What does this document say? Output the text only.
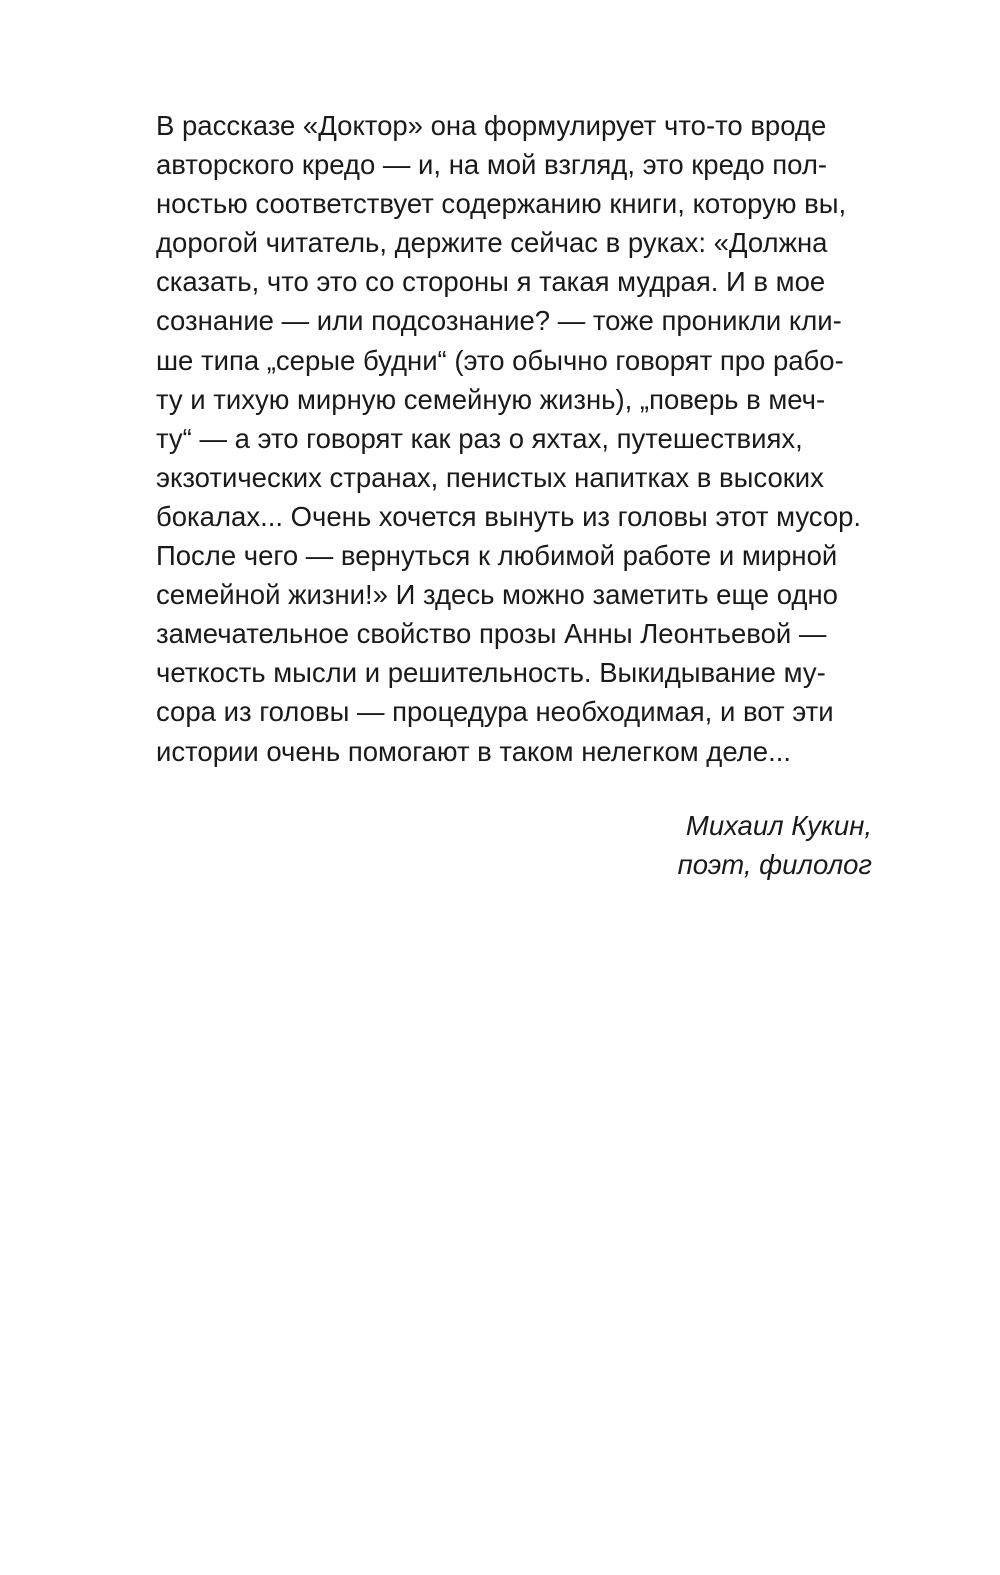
В рассказе «Доктор» она формулирует что-то вроде
авторского кредо — и, на мой взгляд, это кредо пол-
ностью соответствует содержанию книги, которую вы,
дорогой читатель, держите сейчас в руках: «Должна
сказать, что это со стороны я такая мудрая. И в мое
сознание — или подсознание? — тоже проникли кли-
ше типа „серые будни“ (это обычно говорят про рабо-
ту и тихую мирную семейную жизнь), „поверь в меч-
ту“ — а это говорят как раз о яхтах, путешествиях,
экзотических странах, пенистых напитках в высоких
бокалах... Очень хочется вынуть из головы этот мусор.
После чего — вернуться к любимой работе и мирной
семейной жизни!» И здесь можно заметить еще одно
замечательное свойство прозы Анны Леонтьевой —
четкость мысли и решительность. Выкидывание му-
сора из головы — процедура необходимая, и вот эти
истории очень помогают в таком нелегком деле...
Михаил Кукин,
поэт, филолог
